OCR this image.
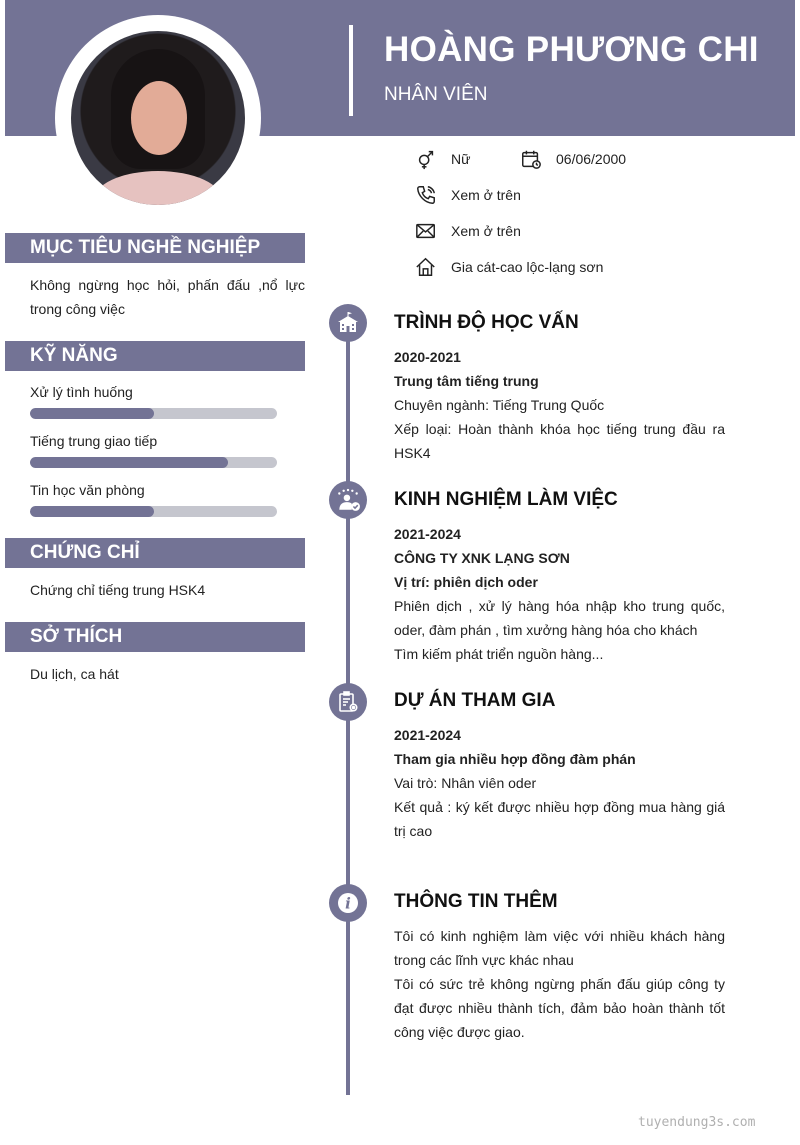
HOÀNG PHƯƠNG CHI
NHÂN VIÊN
Nữ	06/06/2000
Xem ở trên
Xem ở trên
Gia cát-cao lộc-lạng sơn
MỤC TIÊU NGHỀ NGHIỆP
Không ngừng học hỏi, phấn đấu ,nổ lực trong công việc
KỸ NĂNG
Xử lý tình huống
Tiếng trung giao tiếp
Tin học văn phòng
CHỨNG CHỈ
Chứng chỉ tiếng trung HSK4
SỞ THÍCH
Du lịch, ca hát
TRÌNH ĐỘ HỌC VẤN
2020-2021
Trung tâm tiếng trung
Chuyên ngành: Tiếng Trung Quốc
Xếp loại: Hoàn thành khóa học tiếng trung đầu ra HSK4
KINH NGHIỆM LÀM VIỆC
2021-2024
CÔNG TY XNK LẠNG SƠN
Vị trí: phiên dịch oder
Phiên dịch , xử lý hàng hóa nhập kho trung quốc, oder, đàm phán , tìm xưởng hàng hóa cho khách
Tìm kiếm phát triển nguồn hàng...
DỰ ÁN THAM GIA
2021-2024
Tham gia nhiều hợp đồng đàm phán
Vai trò: Nhân viên oder
Kết quả : ký kết được nhiều hợp đồng mua hàng giá trị cao
i THÔNG TIN THÊM
Tôi có kinh nghiệm làm việc với nhiều khách hàng trong các lĩnh vực khác nhau
Tôi có sức trẻ không ngừng phấn đấu giúp công ty đạt được nhiều thành tích, đảm bảo hoàn thành tốt công việc được giao.
tuyendung3s.com
